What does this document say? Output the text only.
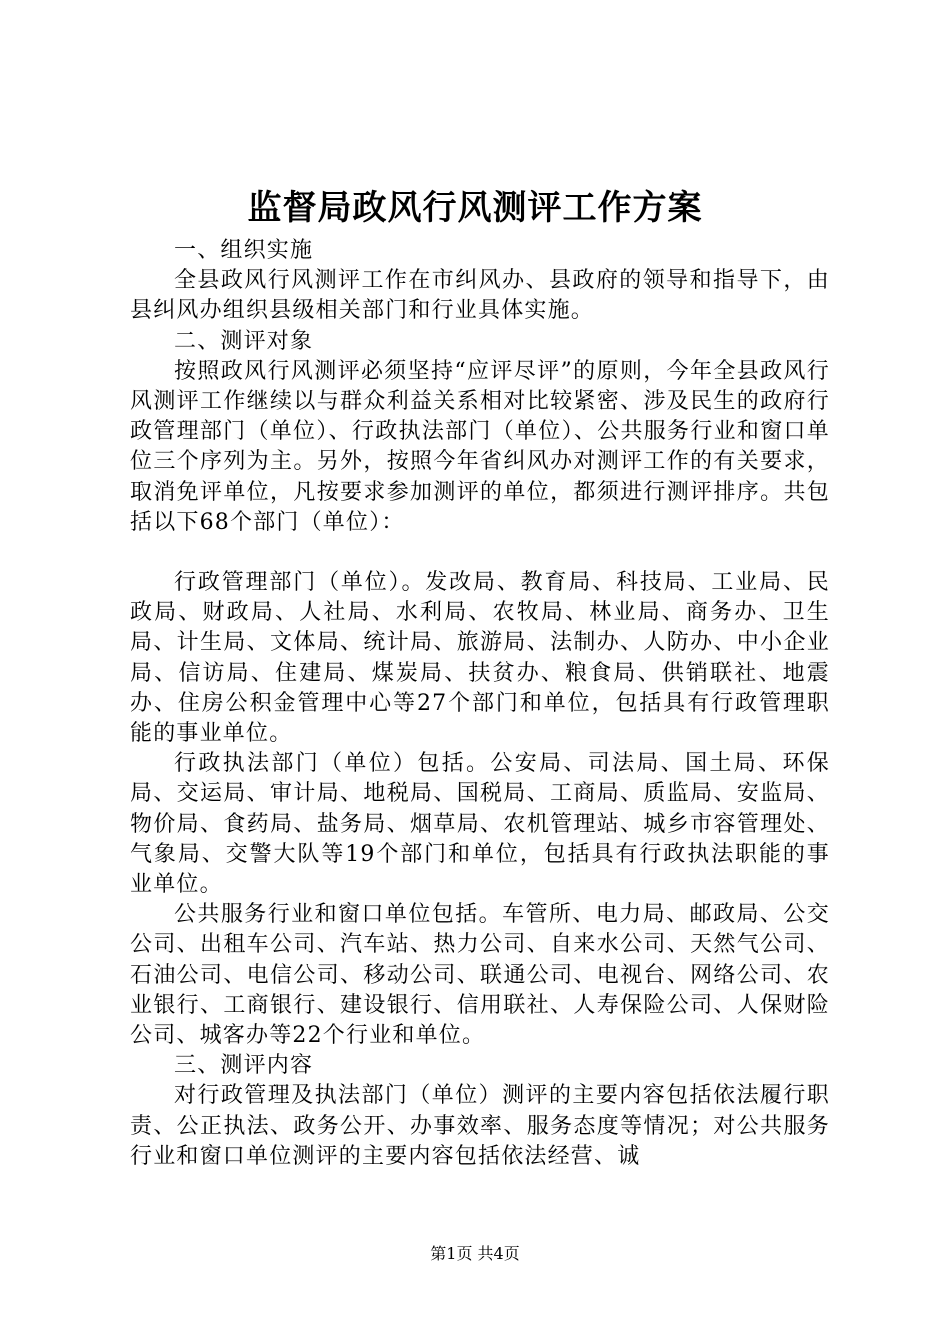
监督局政风行风测评工作方案

一、组织实施

全县政风行风测评工作在市纠风办、县政府的领导和指导下，由县纠风办组织县级相关部门和行业具体实施。

二、测评对象

按照政风行风测评必须坚持“应评尽评”的原则，今年全县政风行风测评工作继续以与群众利益关系相对比较紧密、涉及民生的政府行政管理部门（单位）、行政执法部门（单位）、公共服务行业和窗口单位三个序列为主。另外，按照今年省纠风办对测评工作的有关要求，取消免评单位，凡按要求参加测评的单位，都须进行测评排序。共包括以下68个部门（单位）：

行政管理部门（单位）。发改局、教育局、科技局、工业局、民政局、财政局、人社局、水利局、农牧局、林业局、商务办、卫生局、计生局、文体局、统计局、旅游局、法制办、人防办、中小企业局、信访局、住建局、煤炭局、扶贫办、粮食局、供销联社、地震办、住房公积金管理中心等27个部门和单位，包括具有行政管理职能的事业单位。

行政执法部门（单位）包括。公安局、司法局、国土局、环保局、交运局、审计局、地税局、国税局、工商局、质监局、安监局、物价局、食药局、盐务局、烟草局、农机管理站、城乡市容管理处、气象局、交警大队等19个部门和单位，包括具有行政执法职能的事业单位。

公共服务行业和窗口单位包括。车管所、电力局、邮政局、公交公司、出租车公司、汽车站、热力公司、自来水公司、天然气公司、石油公司、电信公司、移动公司、联通公司、电视台、网络公司、农业银行、工商银行、建设银行、信用联社、人寿保险公司、人保财险公司、城客办等22个行业和单位。

三、测评内容

对行政管理及执法部门（单位）测评的主要内容包括依法履行职责、公正执法、政务公开、办事效率、服务态度等情况；对公共服务行业和窗口单位测评的主要内容包括依法经营、诚

第1页 共4页
